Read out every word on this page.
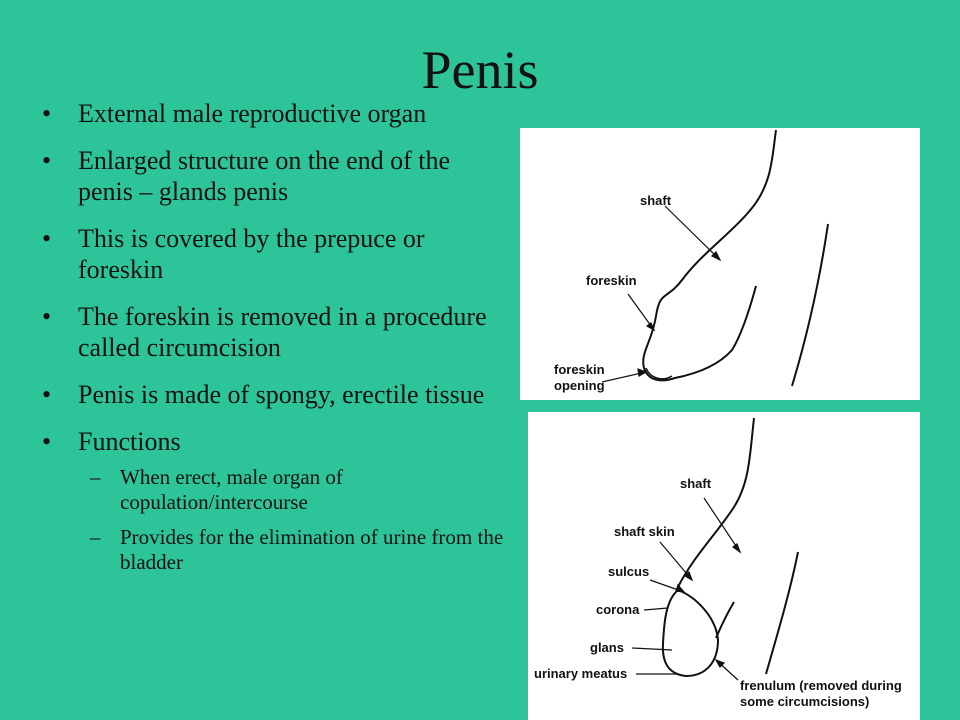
Penis
• External male reproductive organ
• Enlarged structure on the end of the penis – glands penis
• This is covered by the prepuce or foreskin
• The foreskin is removed in a procedure called circumcision
• Penis is made of spongy, erectile tissue
• Functions
– When erect, male organ of copulation/intercourse
– Provides for the elimination of urine from the bladder
shaft
foreskin
foreskin
opening
shaft
shaft skin
sulcus
corona
glans
urinary meatus
frenulum (removed during
some circumcisions)
